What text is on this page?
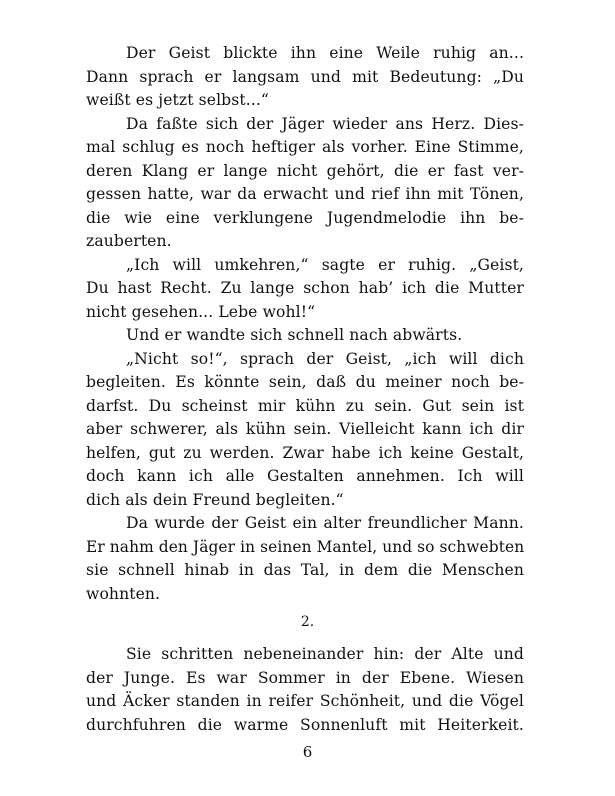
Der Geist blickte ihn eine Weile ruhig an...
Dann sprach er langsam und mit Bedeutung: „Du
weißt es jetzt selbst...“
Da faßte sich der Jäger wieder ans Herz. Dies-
mal schlug es noch heftiger als vorher. Eine Stimme,
deren Klang er lange nicht gehört, die er fast ver-
gessen hatte, war da erwacht und rief ihn mit Tönen,
die wie eine verklungene Jugendmelodie ihn be-
zauberten.
„Ich will umkehren,“ sagte er ruhig. „Geist,
Du hast Recht. Zu lange schon hab’ ich die Mutter
nicht gesehen... Lebe wohl!“
Und er wandte sich schnell nach abwärts.
„Nicht so!“, sprach der Geist, „ich will dich
begleiten. Es könnte sein, daß du meiner noch be-
darfst. Du scheinst mir kühn zu sein. Gut sein ist
aber schwerer, als kühn sein. Vielleicht kann ich dir
helfen, gut zu werden. Zwar habe ich keine Gestalt,
doch kann ich alle Gestalten annehmen. Ich will
dich als dein Freund begleiten.“
Da wurde der Geist ein alter freundlicher Mann.
Er nahm den Jäger in seinen Mantel, und so schwebten
sie schnell hinab in das Tal, in dem die Menschen
wohnten.
2.
Sie schritten nebeneinander hin: der Alte und
der Junge. Es war Sommer in der Ebene. Wiesen
und Äcker standen in reifer Schönheit, und die Vögel
durchfuhren die warme Sonnenluft mit Heiterkeit.
6
